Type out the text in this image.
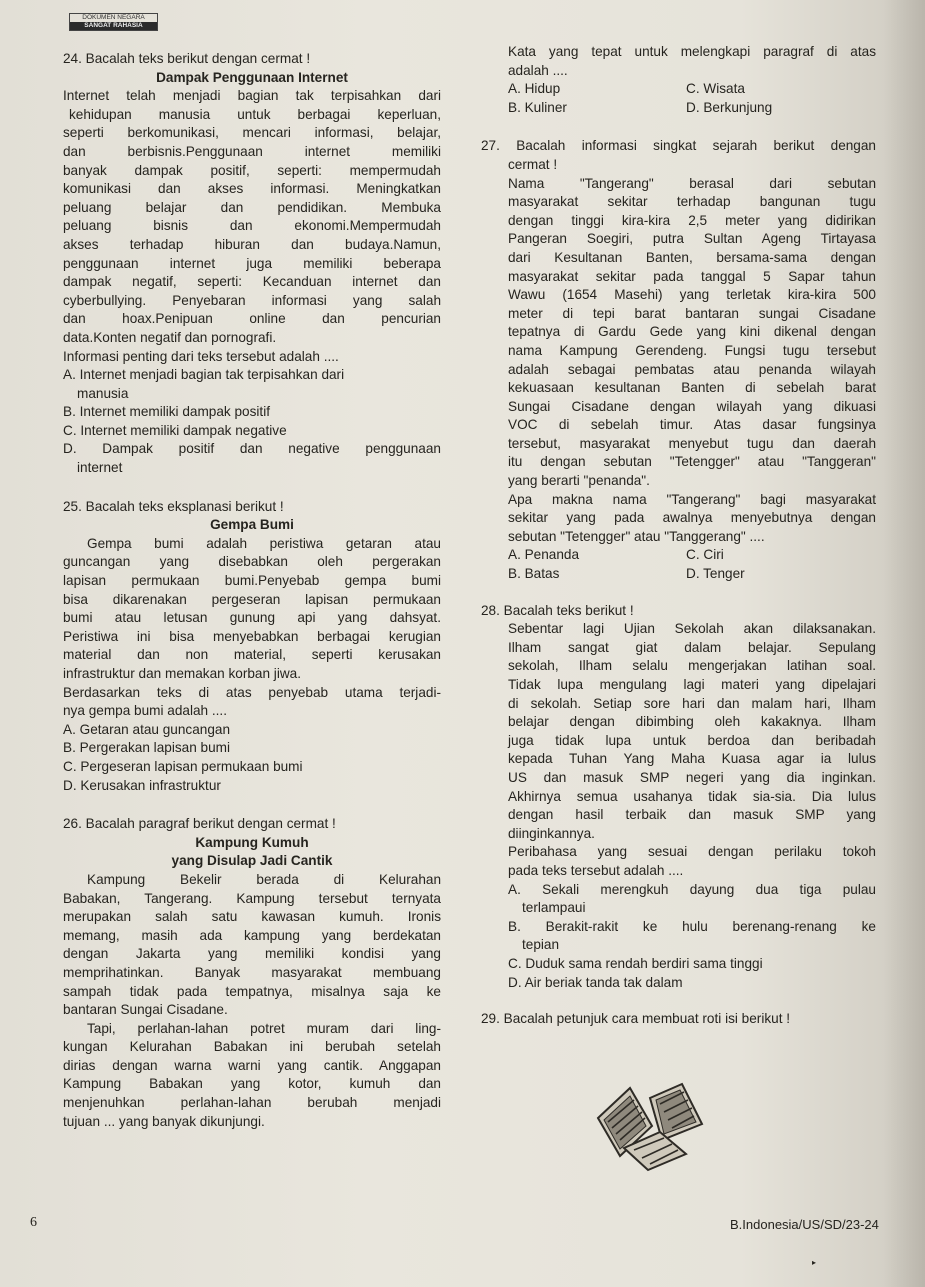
DOKUMEN NEGARA
SANGAT RAHASIA

24. Bacalah teks berikut dengan cermat !

Dampak Penggunaan Internet

Internet telah menjadi bagian tak terpisahkan dari

kehidupan manusia untuk berbagai keperluan,

seperti berkomunikasi, mencari informasi, belajar,

dan berbisnis.Penggunaan internet memiliki

banyak dampak positif, seperti: mempermudah

komunikasi dan akses informasi. Meningkatkan

peluang belajar dan pendidikan. Membuka

peluang bisnis dan ekonomi.Mempermudah

akses terhadap hiburan dan budaya.Namun,

penggunaan internet juga memiliki beberapa

dampak negatif, seperti: Kecanduan internet dan

cyberbullying. Penyebaran informasi yang salah

dan hoax.Penipuan online dan pencurian

data.Konten negatif dan pornografi.

Informasi penting dari teks tersebut adalah ....

A. Internet menjadi bagian tak terpisahkan dari

manusia

B. Internet memiliki dampak positif

C. Internet memiliki dampak negative

D. Dampak positif dan negative penggunaan

internet

25. Bacalah teks eksplanasi berikut !

Gempa Bumi

Gempa bumi adalah peristiwa getaran atau

guncangan yang disebabkan oleh pergerakan

lapisan permukaan bumi.Penyebab gempa bumi

bisa dikarenakan pergeseran lapisan permukaan

bumi atau letusan gunung api yang dahsyat.

Peristiwa ini bisa menyebabkan berbagai kerugian

material dan non material, seperti kerusakan

infrastruktur dan memakan korban jiwa.

Berdasarkan teks di atas penyebab utama terjadi-

nya gempa bumi adalah ....

A. Getaran atau guncangan

B. Pergerakan lapisan bumi

C. Pergeseran lapisan permukaan bumi

D. Kerusakan infrastruktur

26. Bacalah paragraf berikut dengan cermat !

Kampung Kumuh

yang Disulap Jadi Cantik

Kampung Bekelir berada di Kelurahan

Babakan, Tangerang. Kampung tersebut ternyata

merupakan salah satu kawasan kumuh. Ironis

memang, masih ada kampung yang berdekatan

dengan Jakarta yang memiliki kondisi yang

memprihatinkan. Banyak masyarakat membuang

sampah tidak pada tempatnya, misalnya saja ke

bantaran Sungai Cisadane.

Tapi, perlahan-lahan potret muram dari ling-

kungan Kelurahan Babakan ini berubah setelah

dirias dengan warna warni yang cantik. Anggapan

Kampung Babakan yang kotor, kumuh dan

menjenuhkan perlahan-lahan berubah menjadi

tujuan ... yang banyak dikunjungi.

Kata yang tepat untuk melengkapi paragraf di atas

adalah ....

A. Hidup	C. Wisata
B. Kuliner	D. Berkunjung

27. Bacalah informasi singkat sejarah berikut dengan

cermat !

Nama "Tangerang" berasal dari sebutan

masyarakat sekitar terhadap bangunan tugu

dengan tinggi kira-kira 2,5 meter yang didirikan

Pangeran Soegiri, putra Sultan Ageng Tirtayasa

dari Kesultanan Banten, bersama-sama dengan

masyarakat sekitar pada tanggal 5 Sapar tahun

Wawu (1654 Masehi) yang terletak kira-kira 500

meter di tepi barat bantaran sungai Cisadane

tepatnya di Gardu Gede yang kini dikenal dengan

nama Kampung Gerendeng. Fungsi tugu tersebut

adalah sebagai pembatas atau penanda wilayah

kekuasaan kesultanan Banten di sebelah barat

Sungai Cisadane dengan wilayah yang dikuasi

VOC di sebelah timur. Atas dasar fungsinya

tersebut, masyarakat menyebut tugu dan daerah

itu dengan sebutan "Tetengger" atau "Tanggeran"

yang berarti "penanda".

Apa makna nama "Tangerang" bagi masyarakat

sekitar yang pada awalnya menyebutnya dengan

sebutan "Tetengger" atau "Tanggerang" ....

A. Penanda	C. Ciri
B. Batas	D. Tenger

28. Bacalah teks berikut !

Sebentar lagi Ujian Sekolah akan dilaksanakan.

Ilham sangat giat dalam belajar. Sepulang

sekolah, Ilham selalu mengerjakan latihan soal.

Tidak lupa mengulang lagi materi yang dipelajari

di sekolah. Setiap sore hari dan malam hari, Ilham

belajar dengan dibimbing oleh kakaknya. Ilham

juga tidak lupa untuk berdoa dan beribadah

kepada Tuhan Yang Maha Kuasa agar ia lulus

US dan masuk SMP negeri yang dia inginkan.

Akhirnya semua usahanya tidak sia-sia. Dia lulus

dengan hasil terbaik dan masuk SMP yang

diinginkannya.

Peribahasa yang sesuai dengan perilaku tokoh

pada teks tersebut adalah ....

A. Sekali merengkuh dayung dua tiga pulau

terlampaui

B. Berakit-rakit ke hulu berenang-renang ke

tepian

C. Duduk sama rendah berdiri sama tinggi

D. Air beriak tanda tak dalam

29. Bacalah petunjuk cara membuat roti isi berikut !

6	B.Indonesia/US/SD/23-24
▸
